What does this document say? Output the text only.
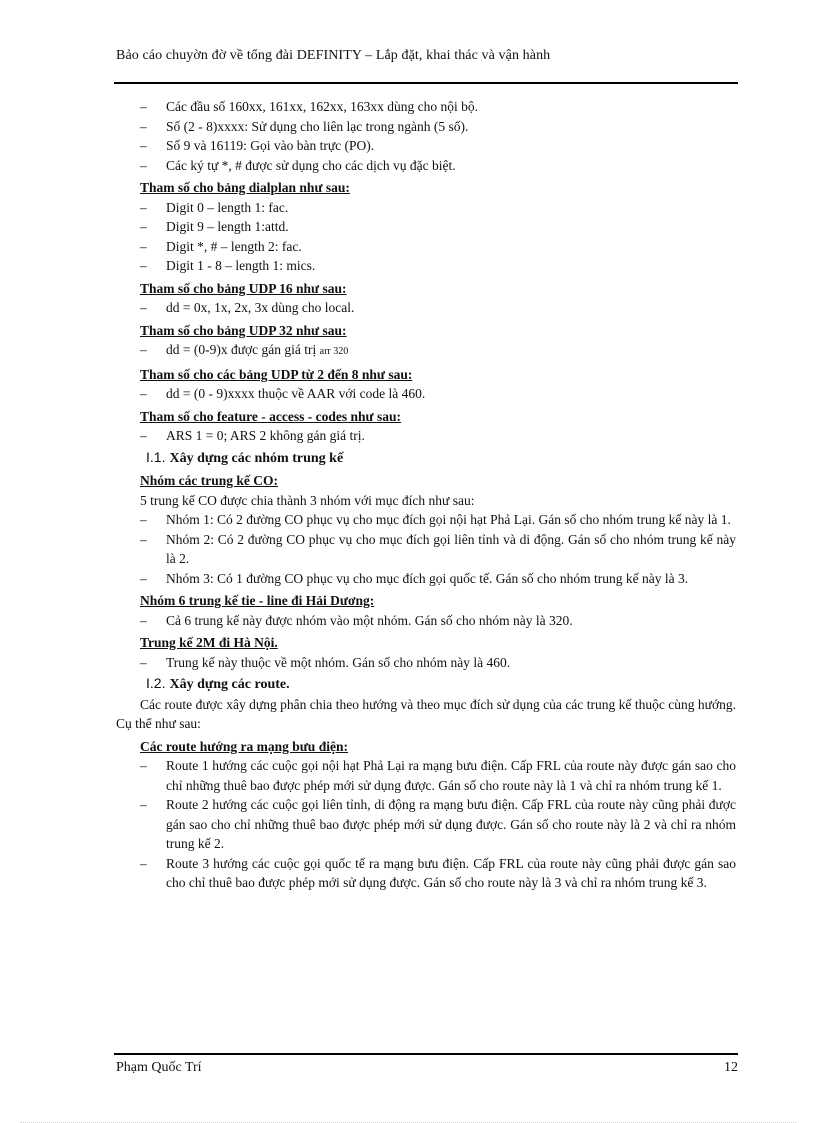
Bảo cáo chuyờn đờ về tổng đài DEFINITY – Lắp đặt, khai thác và vận hành
–	Các đầu số 160xx, 161xx, 162xx, 163xx dùng cho nội bộ.
–	Số (2 - 8)xxxx: Sử dụng cho liên lạc trong ngành (5 số).
–	Số 9 và 16119: Gọi vào bàn trực (PO).
–	Các ký tự *, # được sử dụng cho các dịch vụ đặc biệt.
Tham số cho bảng dialplan như sau:
–	Digit 0 – length 1: fac.
–	Digit 9 – length 1:attd.
–	Digit *, # – length 2: fac.
–	Digit 1 - 8 – length 1: mics.
Tham số cho bảng UDP 16 như sau:
–	dd = 0x, 1x, 2x, 3x dùng cho local.
Tham số cho bảng UDP 32 như sau:
–	dd = (0-9)x được gán giá trị arr 320
Tham số cho các bảng UDP từ 2 đến 8 như sau:
–	dd = (0 - 9)xxxx thuộc về AAR với code là 460.
Tham số cho feature - access - codes như sau:
–	ARS 1 = 0; ARS 2 không gán giá trị.
I.1. Xây dựng các nhóm trung kế
Nhóm các trung kế CO:
5 trung kế CO được chia thành 3 nhóm với mục đích như sau:
–	Nhóm 1: Có 2 đường CO phục vụ cho mục đích gọi nội hạt Phả Lại. Gán số cho nhóm trung kế này là 1.
–	Nhóm 2: Có 2 đường CO phục vụ cho mục đích gọi liên tỉnh và di động. Gán số cho nhóm trung kế này là 2.
–	Nhóm 3: Có 1 đường CO phục vụ cho mục đích gọi quốc tế. Gán số cho nhóm trung kế này là 3.
Nhóm 6 trung kế tie - line đi Hải Dương:
–	Cả 6 trung kế này được nhóm vào một nhóm. Gán số cho nhóm này là 320.
Trung kế 2M đi Hà Nội.
–	Trung kế này thuộc về một nhóm. Gán số cho nhóm này là 460.
I.2. Xây dựng các route.
Các route được xây dựng phân chia theo hướng và theo mục đích sử dụng của các trung kế thuộc cùng hướng. Cụ thể như sau:
Các route hướng ra mạng bưu điện:
–	Route 1 hướng các cuộc gọi nội hạt Phả Lại ra mạng bưu điện. Cấp FRL của route này được gán sao cho chỉ những thuê bao được phép mới sử dụng được. Gán số cho route này là 1 và chỉ ra nhóm trung kế 1.
–	Route 2 hướng các cuộc gọi liên tỉnh, di động ra mạng bưu điện. Cấp FRL của route này cũng phải được gán sao cho chỉ những thuê bao được phép mới sử dụng được. Gán số cho route này là 2 và chỉ ra nhóm trung kế 2.
–	Route 3 hướng các cuộc gọi quốc tế ra mạng bưu điện. Cấp FRL của route này cũng phải được gán sao cho chỉ thuê bao được phép mới sử dụng được. Gán số cho route này là 3 và chỉ ra nhóm trung kế 3.
Phạm Quốc Trí	12
